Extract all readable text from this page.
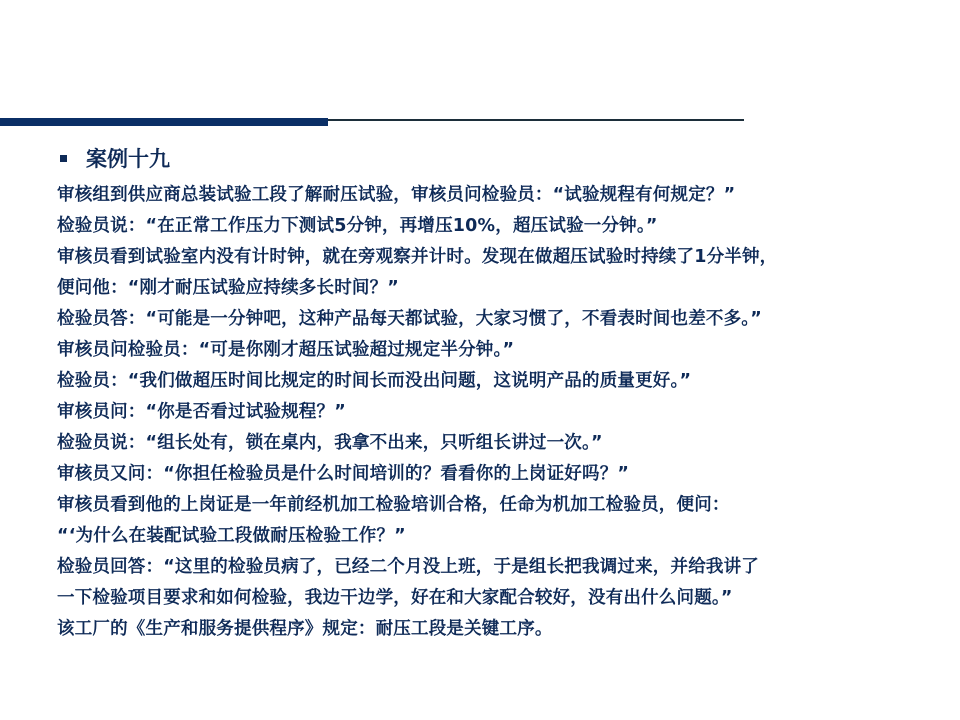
案例十九
审核组到供应商总装试验工段了解耐压试验，审核员问检验员：“试验规程有何规定？”
检验员说：“在正常工作压力下测试5分钟，再增压10%，超压试验一分钟。”
审核员看到试验室内没有计时钟，就在旁观察并计时。发现在做超压试验时持续了1分半钟，
便问他：“刚才耐压试验应持续多长时间？”
检验员答：“可能是一分钟吧，这种产品每天都试验，大家习惯了，不看表时间也差不多。”
审核员问检验员：“可是你刚才超压试验超过规定半分钟。”
检验员：“我们做超压时间比规定的时间长而没出问题，这说明产品的质量更好。”
审核员问：“你是否看过试验规程？”
检验员说：“组长处有，锁在桌内，我拿不出来，只听组长讲过一次。”
审核员又问：“你担任检验员是什么时间培训的？看看你的上岗证好吗？”
审核员看到他的上岗证是一年前经机加工检验培训合格，任命为机加工检验员，便问：
“‘为什么在装配试验工段做耐压检验工作？”
检验员回答：“这里的检验员病了，已经二个月没上班，于是组长把我调过来，并给我讲了
一下检验项目要求和如何检验，我边干边学，好在和大家配合较好，没有出什么问题。”
该工厂的《生产和服务提供程序》规定：耐压工段是关键工序。
